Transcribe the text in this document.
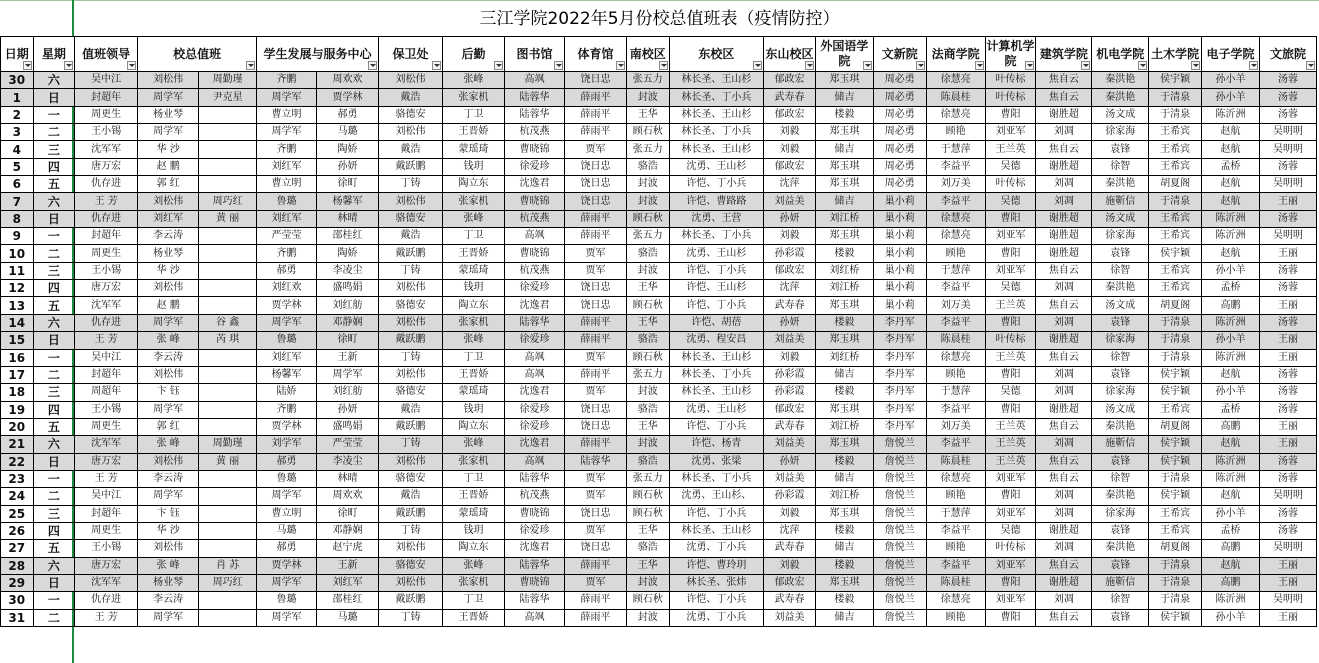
三江学院2022年5月份校总值班表（疫情防控）
日期	星期	值班领导	校总值班		学生发展与服务中心		保卫处	后勤	图书馆	体育馆	南校区	东校区	东山校区	外国语学院	文新院	法商学院	计算机学院	建筑学院	机电学院	土木学院	电子学院	文旅院

30	六	吴中江	刘松伟	周勤瑾	齐鹏	周欢欢	刘松伟	张峰	高飒	饶日忠	张五力	林长圣、王山杉	郁政宏	郑玉琪	周必勇	徐慧亮	叶传标	焦自云	秦洪艳	侯宇颖	孙小羊	汤蓉
1	日	封超年	周学军	尹克星	周学军	贾学林	戴浩	张家机	陆蓉华	薛雨平	封波	林长圣、丁小兵	武寿春	储吉	周必勇	陈晨桂	叶传标	焦自云	秦洪艳	于清泉	孙小羊	汤蓉
2	一	周更生	杨业琴		曹立明	郝勇	骆德安	丁卫	陆蓉华	薛雨平	王华	林长圣、王山杉	郁政宏	楼毅	周必勇	徐慧亮	曹阳	谢胜超	汤文成	于清泉	陈沂洲	汤蓉
3	二	王小锡	周学军		周学军	马璐	刘松伟	王晋娇	杭茂燕	薛雨平	顾石秋	林长圣、丁小兵	刘毅	郑玉琪	周必勇	顾艳	刘亚军	刘凋	徐家海	王希宾	赵航	吴明明
4	三	沈军军	华 沙		齐鹏	陶娇	戴浩	蒙瑶琦	曹晓锦	贾军	张五力	林长圣、王山杉	刘毅	储吉	周必勇	于慧萍	王兰英	焦自云	袁锋	王希宾	赵航	吴明明
5	四	唐万宏	赵 鹏		刘红军	孙妍	戴跃鹏	钱玥	徐爱珍	饶日忠	骆浩	沈勇、王山杉	郁政宏	郑玉琪	周必勇	李益平	吴德	谢胜超	徐智	王希宾	孟桥	汤蓉
6	五	仇存进	郭 红		曹立明	徐町	丁铸	陶立东	沈逸君	饶日忠	封波	许恺、丁小兵	沈萍	郑玉琪	周必勇	刘万美	叶传标	刘凋	秦洪艳	胡夏阁	赵航	吴明明
7	六	王 芳	刘松伟	周巧红	鲁璐	杨馨军	刘松伟	张家机	曹晓锦	饶日忠	封波	许恺、曹路路	刘益美	储吉	巢小莉	李益平	吴德	刘凋	施靳信	于清泉	赵航	王丽
8	日	仇存进	刘红军	黄 丽	刘红军	林晴	骆德安	张峰	杭茂燕	薛雨平	顾石秋	沈勇、王营	孙妍	刘江桥	巢小莉	徐慧亮	曹阳	谢胜超	汤文成	王希宾	陈沂洲	汤蓉
9	一	封超年	李云涛		严莹莹	邵桂红	戴浩	丁卫	高飒	薛雨平	张五力	林长圣、丁小兵	刘毅	郑玉琪	巢小莉	徐慧亮	刘亚军	谢胜超	徐家海	王希宾	陈沂洲	吴明明
10	二	周更生	杨业琴		齐鹏	陶娇	戴跃鹏	王晋娇	曹晓锦	贾军	骆浩	沈勇、王山杉	孙彩霞	楼毅	巢小莉	顾艳	曹阳	谢胜超	袁锋	侯宇颖	赵航	王丽
11	三	王小锡	华 沙		郝勇	李凌尘	丁铸	蒙瑶琦	杭茂燕	贾军	封波	许恺、丁小兵	郁政宏	刘红桥	巢小莉	于慧萍	刘亚军	焦自云	徐智	王希宾	孙小羊	汤蓉
12	四	唐万宏	刘松伟		刘红欢	盛鸣娟	刘松伟	钱玥	徐爱珍	饶日忠	王华	许恺、王山杉	沈萍	刘江桥	巢小莉	李益平	吴德	刘凋	秦洪艳	王希宾	孟桥	汤蓉
13	五	沈军军	赵 鹏		贾学林	刘红舫	骆德安	陶立东	沈逸君	饶日忠	顾石秋	许恺、丁小兵	武寿春	郑玉琪	巢小莉	刘万美	王兰英	焦自云	汤文成	胡夏阁	高鹏	王丽
14	六	仇存进	周学军	谷 鑫	周学军	邓静娴	刘松伟	张家机	陆蓉华	薛雨平	王华	许恺、胡蓓	孙妍	楼毅	李丹军	李益平	曹阳	刘凋	袁锋	于清泉	陈沂洲	汤蓉
15	日	王 芳	张 峰	芮 琪	鲁璐	徐町	戴跃鹏	张峰	徐爱珍	薛雨平	骆浩	沈勇、程安昌	刘益美	郑玉琪	李丹军	陈晨桂	叶传标	谢胜超	徐家海	于清泉	孙小羊	王丽
16	一	吴中江	李云涛		刘红军	王新	丁铸	丁卫	高飒	贾军	顾石秋	林长圣、王山杉	刘毅	刘红桥	李丹军	徐慧亮	王兰英	焦自云	徐智	于清泉	陈沂洲	王丽
17	二	封超年	刘松伟		杨馨军	周学军	刘松伟	王晋娇	高飒	薛雨平	张五力	林长圣、丁小兵	孙彩霞	储吉	李丹军	顾艳	曹阳	刘凋	袁锋	侯宇颖	赵航	汤蓉
18	三	周超年	卞 钰		陆娇	刘红舫	骆德安	蒙瑶琦	沈逸君	贾军	封波	林长圣、王山杉	孙彩霞	楼毅	李丹军	于慧萍	吴德	刘凋	徐家海	侯宇颖	孙小羊	汤蓉
19	四	王小锡	周学军		齐鹏	孙妍	戴浩	钱玥	徐爱珍	饶日忠	骆浩	沈勇、王山杉	郁政宏	郑玉琪	李丹军	李益平	曹阳	谢胜超	汤文成	王希宾	孟桥	汤蓉
20	五	周更生	郭 红		贾学林	盛鸣娟	戴跃鹏	陶立东	徐爱珍	饶日忠	王华	许恺、丁小兵	武寿春	刘江桥	李丹军	刘万美	王兰英	焦自云	秦洪艳	胡夏阁	高鹏	王丽
21	六	沈军军	张 峰	周勤瑾	刘学军	严莹莹	丁铸	张峰	沈逸君	薛雨平	封波	许恺、杨青	刘益美	郑玉琪	詹悦兰	李益平	王兰英	刘凋	施靳信	侯宇颖	赵航	王丽
22	日	唐万宏	刘松伟	黄 丽	郝勇	李凌尘	刘松伟	张家机	高飒	陆蓉华	骆浩	沈勇、张梁	孙妍	楼毅	詹悦兰	陈晨桂	王兰英	焦自云	袁锋	侯宇颖	陈沂洲	汤蓉
23	一	王 芳	李云涛		鲁璐	林晴	骆德安	丁卫	陆蓉华	贾军	张五力	林长圣、丁小兵	刘益美	储吉	詹悦兰	徐慧亮	刘亚军	焦自云	徐智	于清泉	陈沂洲	汤蓉
24	二	吴中江	周学军		周学军	周欢欢	戴浩	王晋娇	杭茂燕	贾军	顾石秋	沈勇、王山杉、	孙彩霞	刘江桥	詹悦兰	顾艳	曹阳	刘凋	秦洪艳	侯宇颖	赵航	吴明明
25	三	封超年	卞 钰		曹立明	徐町	戴跃鹏	蒙瑶琦	曹晓锦	饶日忠	顾石秋	许恺、丁小兵	刘毅	郑玉琪	詹悦兰	于慧萍	刘亚军	刘凋	徐家海	王希宾	孙小羊	汤蓉
26	四	周更生	华 沙		马璐	邓静娴	丁铸	钱玥	徐爱珍	贾军	王华	林长圣、王山杉	沈萍	楼毅	詹悦兰	李益平	吴德	谢胜超	袁锋	王希宾	孟桥	汤蓉
27	五	王小锡	刘松伟		郝勇	赵宁虎	刘松伟	陶立东	沈逸君	饶日忠	骆浩	沈勇、丁小兵	武寿春	储吉	詹悦兰	顾艳	叶传标	刘凋	秦洪艳	胡夏阁	高鹏	吴明明
28	六	唐万宏	张 峰	肖 苏	贾学林	王新	骆德安	张峰	陆蓉华	薛雨平	王华	许恺、曹玲玥	刘毅	楼毅	詹悦兰	李益平	刘亚军	焦自云	袁锋	于清泉	赵航	王丽
29	日	沈军军	杨业琴	周巧红	周学军	刘红军	刘松伟	张家机	曹晓锦	贾军	封波	林长圣、张炜	郁政宏	郑玉琪	詹悦兰	陈晨桂	曹阳	谢胜超	施靳信	于清泉	高鹏	王丽
30	一	仇存进	李云涛		鲁璐	邵桂红	戴跃鹏	丁卫	陆蓉华	薛雨平	顾石秋	许恺、丁小兵	武寿春	楼毅	詹悦兰	徐慧亮	刘亚军	刘凋	徐智	于清泉	陈沂洲	吴明明
31	二	王 芳	周学军		周学军	马璐	丁铸	王晋娇	高飒	薛雨平	封波	沈勇、丁小兵	刘益美	储吉	詹悦兰	顾艳	曹阳	焦自云	袁锋	侯宇颖	孙小羊	王丽
